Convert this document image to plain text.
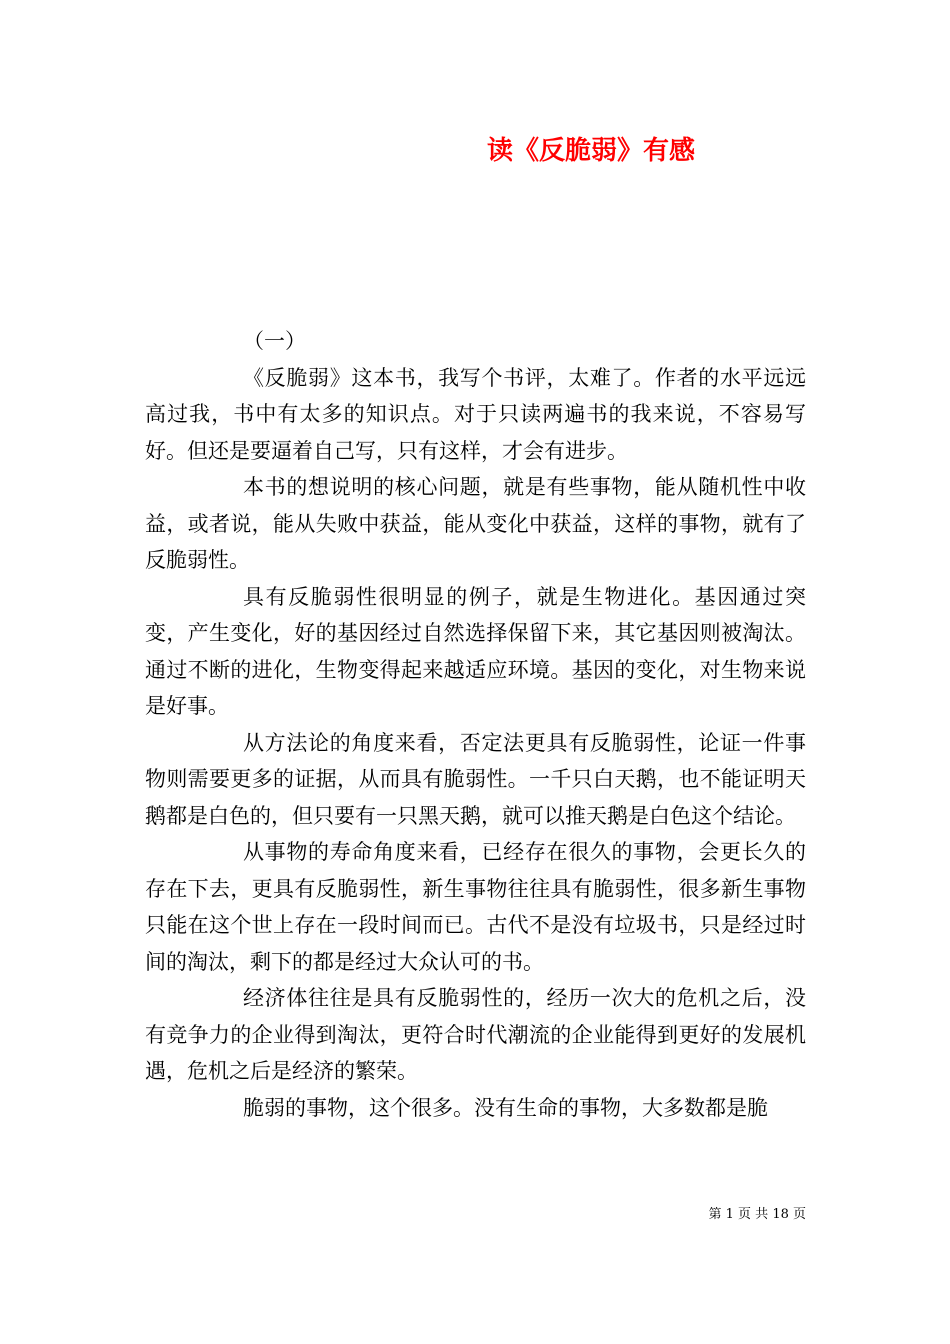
读《反脆弱》有感

（一）

《反脆弱》这本书，我写个书评，太难了。作者的水平远远高过我，书中有太多的知识点。对于只读两遍书的我来说，不容易写好。但还是要逼着自己写，只有这样，才会有进步。

本书的想说明的核心问题，就是有些事物，能从随机性中收益，或者说，能从失败中获益，能从变化中获益，这样的事物，就有了反脆弱性。

具有反脆弱性很明显的例子，就是生物进化。基因通过突变，产生变化，好的基因经过自然选择保留下来，其它基因则被淘汰。通过不断的进化，生物变得起来越适应环境。基因的变化，对生物来说是好事。

从方法论的角度来看，否定法更具有反脆弱性，论证一件事物则需要更多的证据，从而具有脆弱性。一千只白天鹅，也不能证明天鹅都是白色的，但只要有一只黑天鹅，就可以推天鹅是白色这个结论。

从事物的寿命角度来看，已经存在很久的事物，会更长久的存在下去，更具有反脆弱性，新生事物往往具有脆弱性，很多新生事物只能在这个世上存在一段时间而已。古代不是没有垃圾书，只是经过时间的淘汰，剩下的都是经过大众认可的书。

经济体往往是具有反脆弱性的，经历一次大的危机之后，没有竞争力的企业得到淘汰，更符合时代潮流的企业能得到更好的发展机遇，危机之后是经济的繁荣。

脆弱的事物，这个很多。没有生命的事物，大多数都是脆

第 1 页 共 18 页
